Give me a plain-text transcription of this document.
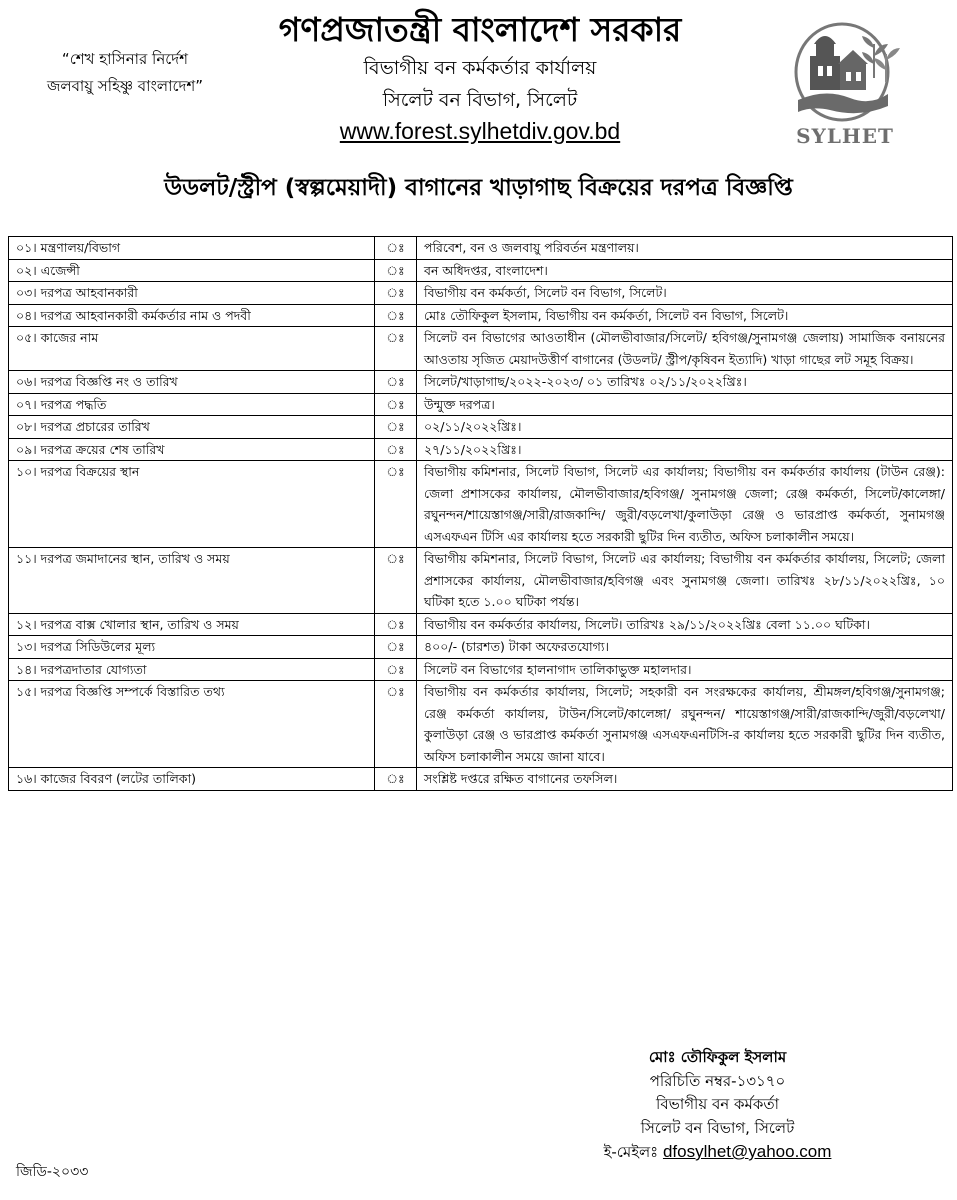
“শেখ হাসিনার নির্দেশ
জলবায়ু সহিষ্ণু বাংলাদেশ”
গণপ্রজাতন্ত্রী বাংলাদেশ সরকার
বিভাগীয় বন কর্মকর্তার কার্যালয়
সিলেট বন বিভাগ, সিলেট
www.forest.sylhetdiv.gov.bd	SYLHET
উডলট/স্ট্রীপ (স্বল্পমেয়াদী) বাগানের খাড়াগাছ বিক্রয়ের দরপত্র বিজ্ঞপ্তি
০১। মন্ত্রণালয়/বিভাগ	ঃ	পরিবেশ, বন ও জলবায়ু পরিবর্তন মন্ত্রণালয়।
০২। এজেন্সী	ঃ	বন অধিদপ্তর, বাংলাদেশ।
০৩। দরপত্র আহবানকারী	ঃ	বিভাগীয় বন কর্মকর্তা, সিলেট বন বিভাগ, সিলেট।
০৪। দরপত্র আহবানকারী কর্মকর্তার নাম ও পদবী	ঃ	মোঃ তৌফিকুল ইসলাম, বিভাগীয় বন কর্মকর্তা, সিলেট বন বিভাগ, সিলেট।
০৫। কাজের নাম	ঃ	সিলেট বন বিভাগের আওতাধীন (মৌলভীবাজার/সিলেট/ হবিগঞ্জ/সুনামগঞ্জ জেলায়) সামাজিক বনায়নের আওতায় সৃজিত মেয়াদউত্তীর্ণ বাগানের (উডলট/ স্ট্রীপ/কৃষিবন ইত্যাদি) খাড়া গাছের লট সমূহ বিক্রয়।
০৬। দরপত্র বিজ্ঞপ্তি নং ও তারিখ	ঃ	সিলেট/খাড়াগাছ/২০২২-২০২৩/ ০১ তারিখঃ ০২/১১/২০২২খ্রিঃ।
০৭। দরপত্র পদ্ধতি	ঃ	উন্মুক্ত দরপত্র।
০৮। দরপত্র প্রচারের তারিখ	ঃ	০২/১১/২০২২খ্রিঃ।
০৯। দরপত্র ক্রয়ের শেষ তারিখ	ঃ	২৭/১১/২০২২খ্রিঃ।
১০। দরপত্র বিক্রয়ের স্থান	ঃ	বিভাগীয় কমিশনার, সিলেট বিভাগ, সিলেট এর কার্যালয়; বিভাগীয় বন কর্মকর্তার কার্যালয় (টাউন রেঞ্জ): জেলা প্রশাসকের কার্যালয়, মৌলভীবাজার/হবিগঞ্জ/ সুনামগঞ্জ জেলা; রেঞ্জ কর্মকর্তা, সিলেট/কালেঙ্গা/ রঘুনন্দন/শায়েস্তাগঞ্জ/সারী/রাজকান্দি/ জুরী/বড়লেখা/কুলাউড়া রেঞ্জ ও ভারপ্রাপ্ত কর্মকর্তা, সুনামগঞ্জ এসএফএন টিসি এর কার্যালয় হতে সরকারী ছুটির দিন ব্যতীত, অফিস চলাকালীন সময়ে।
১১। দরপত্র জমাদানের স্থান, তারিখ ও সময়	ঃ	বিভাগীয় কমিশনার, সিলেট বিভাগ, সিলেট এর কার্যালয়; বিভাগীয় বন কর্মকর্তার কার্যালয়, সিলেট; জেলা প্রশাসকের কার্যালয়, মৌলভীবাজার/হবিগঞ্জ এবং সুনামগঞ্জ জেলা। তারিখঃ ২৮/১১/২০২২খ্রিঃ, ১০ ঘটিকা হতে ১.০০ ঘটিকা পর্যন্ত।
১২। দরপত্র বাক্স খোলার স্থান, তারিখ ও সময়	ঃ	বিভাগীয় বন কর্মকর্তার কার্যালয়, সিলেট। তারিখঃ ২৯/১১/২০২২খ্রিঃ বেলা ১১.০০ ঘটিকা।
১৩। দরপত্র সিডিউলের মূল্য	ঃ	৪০০/- (চারশত) টাকা অফেরতযোগ্য।
১৪। দরপত্রদাতার যোগ্যতা	ঃ	সিলেট বন বিভাগের হালনাগাদ তালিকাভুক্ত মহালদার।
১৫। দরপত্র বিজ্ঞপ্তি সম্পর্কে বিস্তারিত তথ্য	ঃ	বিভাগীয় বন কর্মকর্তার কার্যালয়, সিলেট; সহকারী বন সংরক্ষকের কার্যালয়, শ্রীমঙ্গল/হবিগঞ্জ/সুনামগঞ্জ; রেঞ্জ কর্মকর্তা কার্যালয়, টাউন/সিলেট/কালেঙ্গা/ রঘুনন্দন/ শায়েস্তাগঞ্জ/সারী/রাজকান্দি/জুরী/বড়লেখা/কুলাউড়া রেঞ্জ ও ভারপ্রাপ্ত কর্মকর্তা সুনামগঞ্জ এসএফএনটিসি-র কার্যালয় হতে সরকারী ছুটির দিন ব্যতীত, অফিস চলাকালীন সময়ে জানা যাবে।
১৬। কাজের বিবরণ (লটের তালিকা)	ঃ	সংশ্লিষ্ট দপ্তরে রক্ষিত বাগানের তফসিল।
মোঃ তৌফিকুল ইসলাম
পরিচিতি নম্বর-১৩১৭০
বিভাগীয় বন কর্মকর্তা
সিলেট বন বিভাগ, সিলেট
ই-মেইলঃ dfosylhet@yahoo.com
জিডি-২০৩৩
